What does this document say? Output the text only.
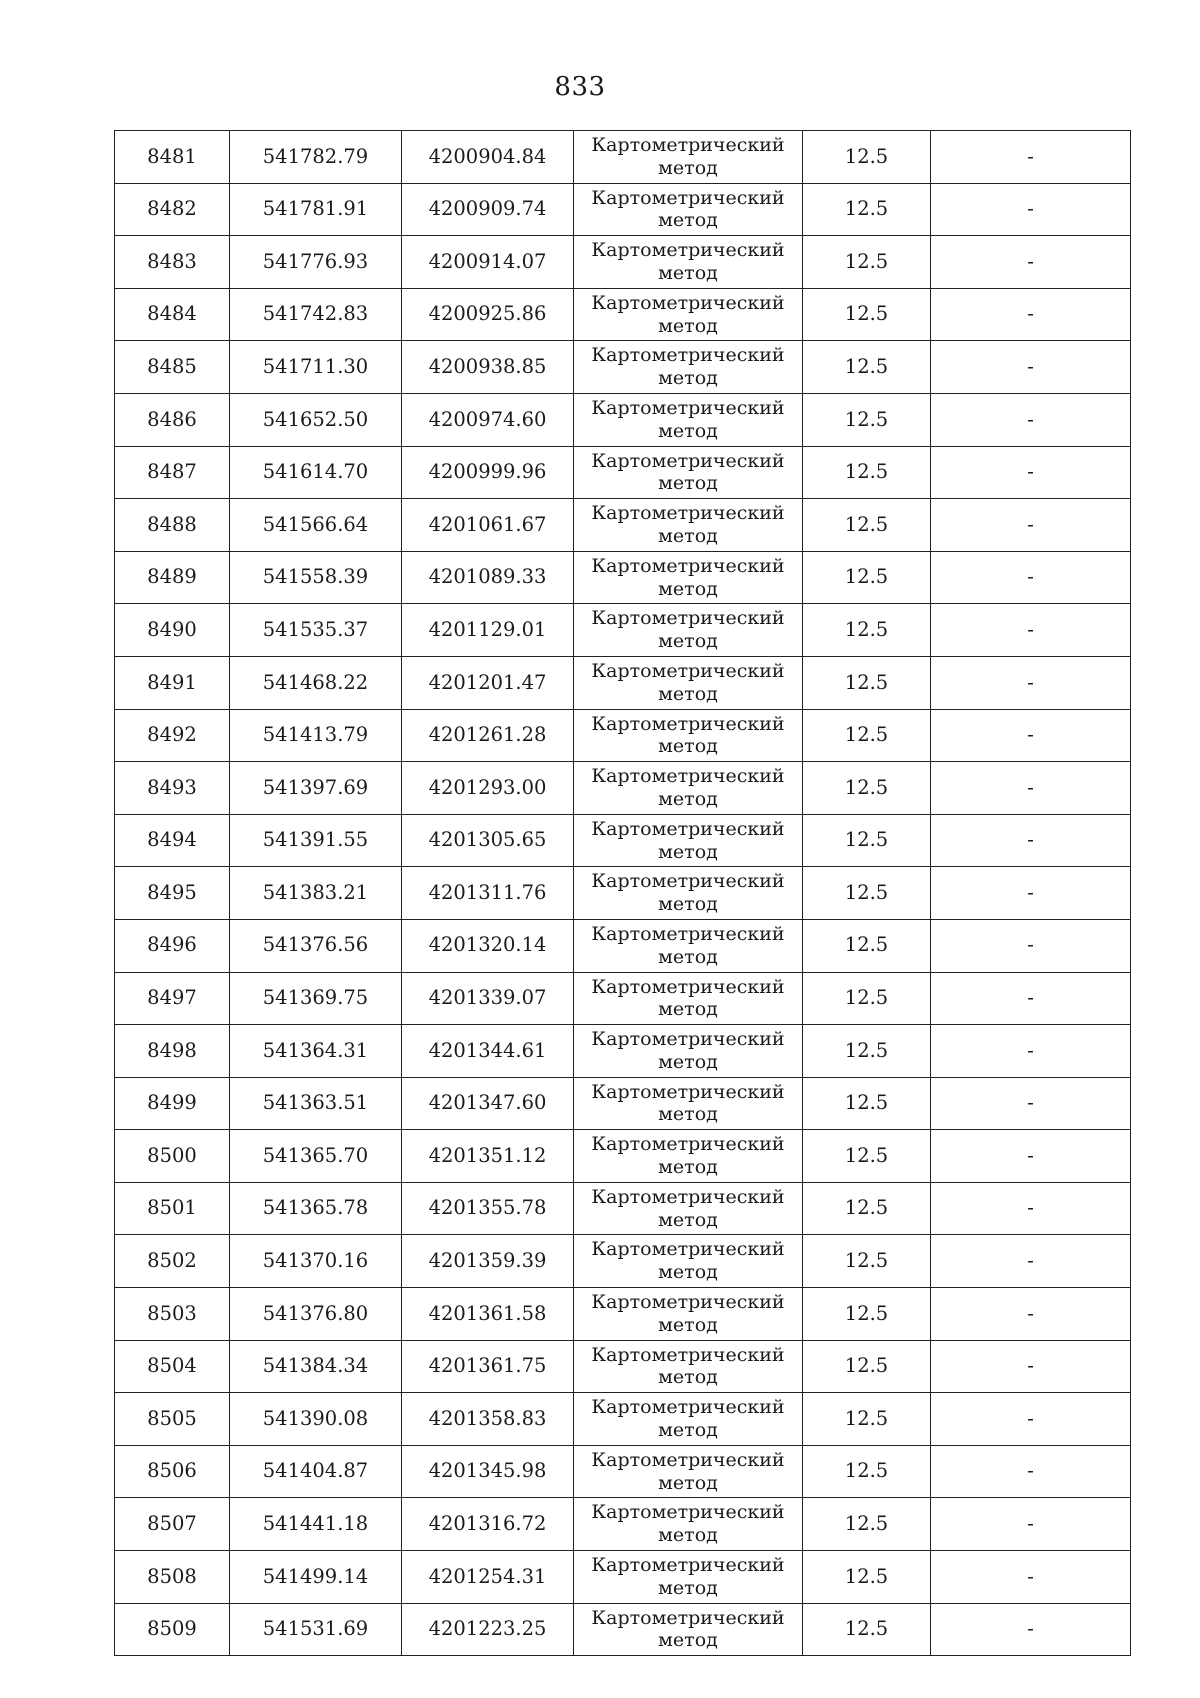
833
8481	541782.79	4200904.84	Картометрический
метод	12.5	-
8482	541781.91	4200909.74	Картометрический
метод	12.5	-
8483	541776.93	4200914.07	Картометрический
метод	12.5	-
8484	541742.83	4200925.86	Картометрический
метод	12.5	-
8485	541711.30	4200938.85	Картометрический
метод	12.5	-
8486	541652.50	4200974.60	Картометрический
метод	12.5	-
8487	541614.70	4200999.96	Картометрический
метод	12.5	-
8488	541566.64	4201061.67	Картометрический
метод	12.5	-
8489	541558.39	4201089.33	Картометрический
метод	12.5	-
8490	541535.37	4201129.01	Картометрический
метод	12.5	-
8491	541468.22	4201201.47	Картометрический
метод	12.5	-
8492	541413.79	4201261.28	Картометрический
метод	12.5	-
8493	541397.69	4201293.00	Картометрический
метод	12.5	-
8494	541391.55	4201305.65	Картометрический
метод	12.5	-
8495	541383.21	4201311.76	Картометрический
метод	12.5	-
8496	541376.56	4201320.14	Картометрический
метод	12.5	-
8497	541369.75	4201339.07	Картометрический
метод	12.5	-
8498	541364.31	4201344.61	Картометрический
метод	12.5	-
8499	541363.51	4201347.60	Картометрический
метод	12.5	-
8500	541365.70	4201351.12	Картометрический
метод	12.5	-
8501	541365.78	4201355.78	Картометрический
метод	12.5	-
8502	541370.16	4201359.39	Картометрический
метод	12.5	-
8503	541376.80	4201361.58	Картометрический
метод	12.5	-
8504	541384.34	4201361.75	Картометрический
метод	12.5	-
8505	541390.08	4201358.83	Картометрический
метод	12.5	-
8506	541404.87	4201345.98	Картометрический
метод	12.5	-
8507	541441.18	4201316.72	Картометрический
метод	12.5	-
8508	541499.14	4201254.31	Картометрический
метод	12.5	-
8509	541531.69	4201223.25	Картометрический
метод	12.5	-
